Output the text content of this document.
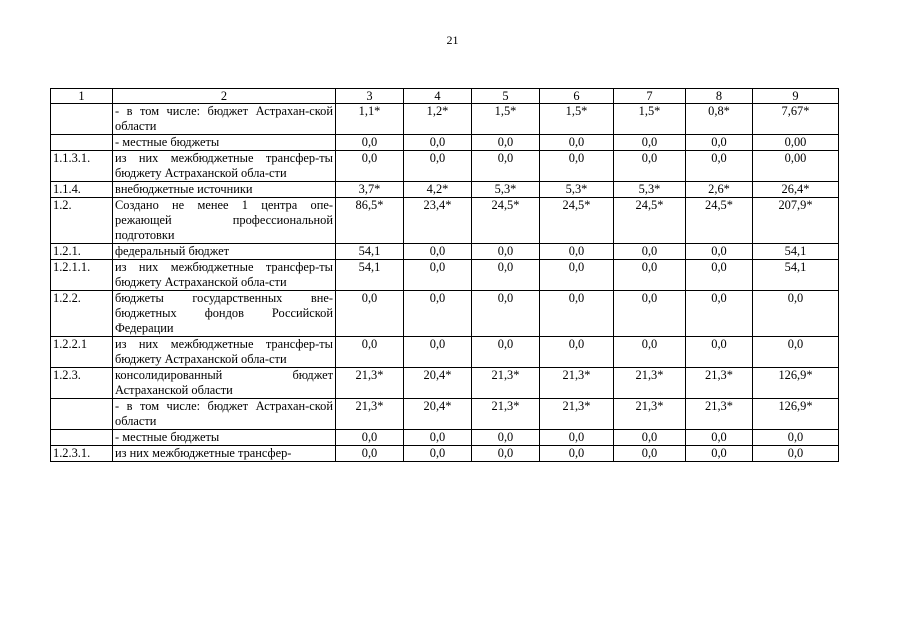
21
1	2	3	4	5	6	7	8	9
	- в том числе: бюджет Астрахан-ской области	1,1*	1,2*	1,5*	1,5*	1,5*	0,8*	7,67*
	- местные бюджеты	0,0	0,0	0,0	0,0	0,0	0,0	0,00
1.1.3.1.	из них межбюджетные трансфер-ты бюджету Астраханской обла-сти	0,0	0,0	0,0	0,0	0,0	0,0	0,00
1.1.4.	внебюджетные источники	3,7*	4,2*	5,3*	5,3*	5,3*	2,6*	26,4*
1.2.	Создано не менее 1 центра опе-режающей профессиональной подготовки	86,5*	23,4*	24,5*	24,5*	24,5*	24,5*	207,9*
1.2.1.	федеральный бюджет	54,1	0,0	0,0	0,0	0,0	0,0	54,1
1.2.1.1.	из них межбюджетные трансфер-ты бюджету Астраханской обла-сти	54,1	0,0	0,0	0,0	0,0	0,0	54,1
1.2.2.	бюджеты государственных вне-бюджетных фондов Российской Федерации	0,0	0,0	0,0	0,0	0,0	0,0	0,0
1.2.2.1	из них межбюджетные трансфер-ты бюджету Астраханской обла-сти	0,0	0,0	0,0	0,0	0,0	0,0	0,0
1.2.3.	консолидированный бюджет Астраханской области	21,3*	20,4*	21,3*	21,3*	21,3*	21,3*	126,9*
	- в том числе: бюджет Астрахан-ской области	21,3*	20,4*	21,3*	21,3*	21,3*	21,3*	126,9*
	- местные бюджеты	0,0	0,0	0,0	0,0	0,0	0,0	0,0
1.2.3.1.	из них межбюджетные трансфер-	0,0	0,0	0,0	0,0	0,0	0,0	0,0
